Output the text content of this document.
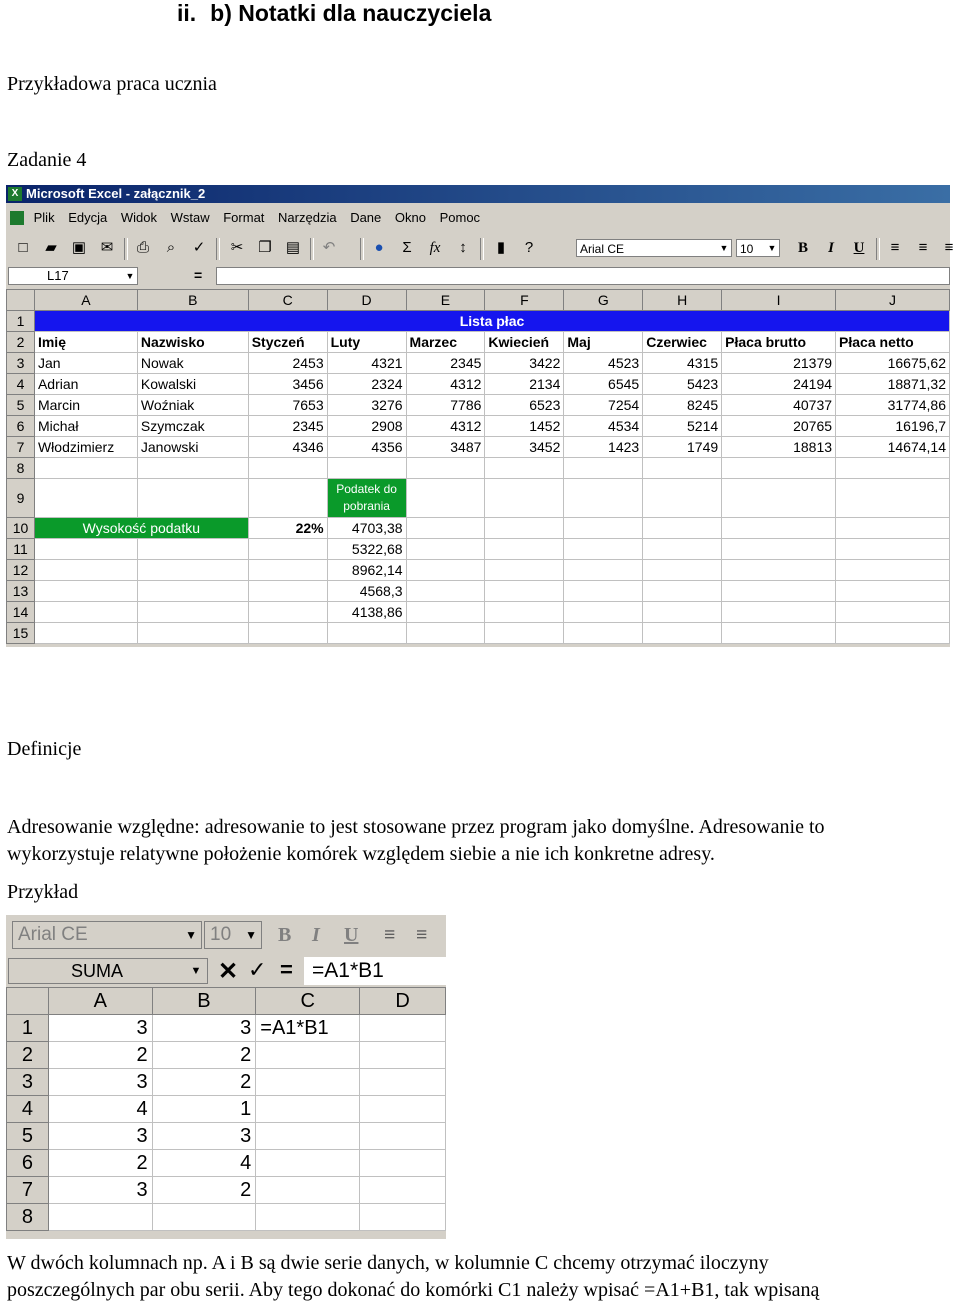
ii. b) Notatki dla nauczyciela
Przykładowa praca ucznia
Zadanie 4
X Microsoft Excel - załącznik_2
Plik Edycja Widok Wstaw Format Narzędzia Dane Okno Pomoc
□ ▰ ▣ ✉ ⎙	⌕	✓ ✂ ❐ ▤ ↶	● Σ fx	↕	▮	?	Arial CE	▼ 10 ▼ B	I	U	≡	≡	≡
L17	▼	=
	A	B	C	D	E	F	G	H	I	J
1	Lista płac									
2	Imię	Nazwisko	Styczeń	Luty	Marzec	Kwiecień	Maj	Czerwiec	Płaca brutto	Płaca netto
3	Jan	Nowak	2453	4321	2345	3422	4523	4315	21379	16675,62
4	Adrian	Kowalski	3456	2324	4312	2134	6545	5423	24194	18871,32
5	Marcin	Woźniak	7653	3276	7786	6523	7254	8245	40737	31774,86
6	Michał	Szymczak	2345	2908	4312	1452	4534	5214	20765	16196,7
7	Włodzimierz	Janowski	4346	4356	3487	3452	1423	1749	18813	14674,14
8										
9				Podatek do pobrania						
10	Wysokość podatku		22%	4703,38						
11				5322,68						
12				8962,14						
13				4568,3						
14				4138,86						
15										
Definicje
Adresowanie względne: adresowanie to jest stosowane przez program jako domyślne. Adresowanie to
wykorzystuje relatywne położenie komórek względem siebie a nie ich konkretne adresy.
Przykład
Arial CE	▼ 10 ▼ B I U ≡ ≡
SUMA	▼ ✕ ✓ = =A1*B1
	A	B	C	D
1	3	3	=A1*B1	
2	2	2		
3	3	2		
4	4	1		
5	3	3		
6	2	4		
7	3	2		
8				
W dwóch kolumnach np. A i B są dwie serie danych, w kolumnie C chcemy otrzymać iloczyny
poszczególnych par obu serii. Aby tego dokonać do komórki C1 należy wpisać =A1+B1, tak wpisaną
